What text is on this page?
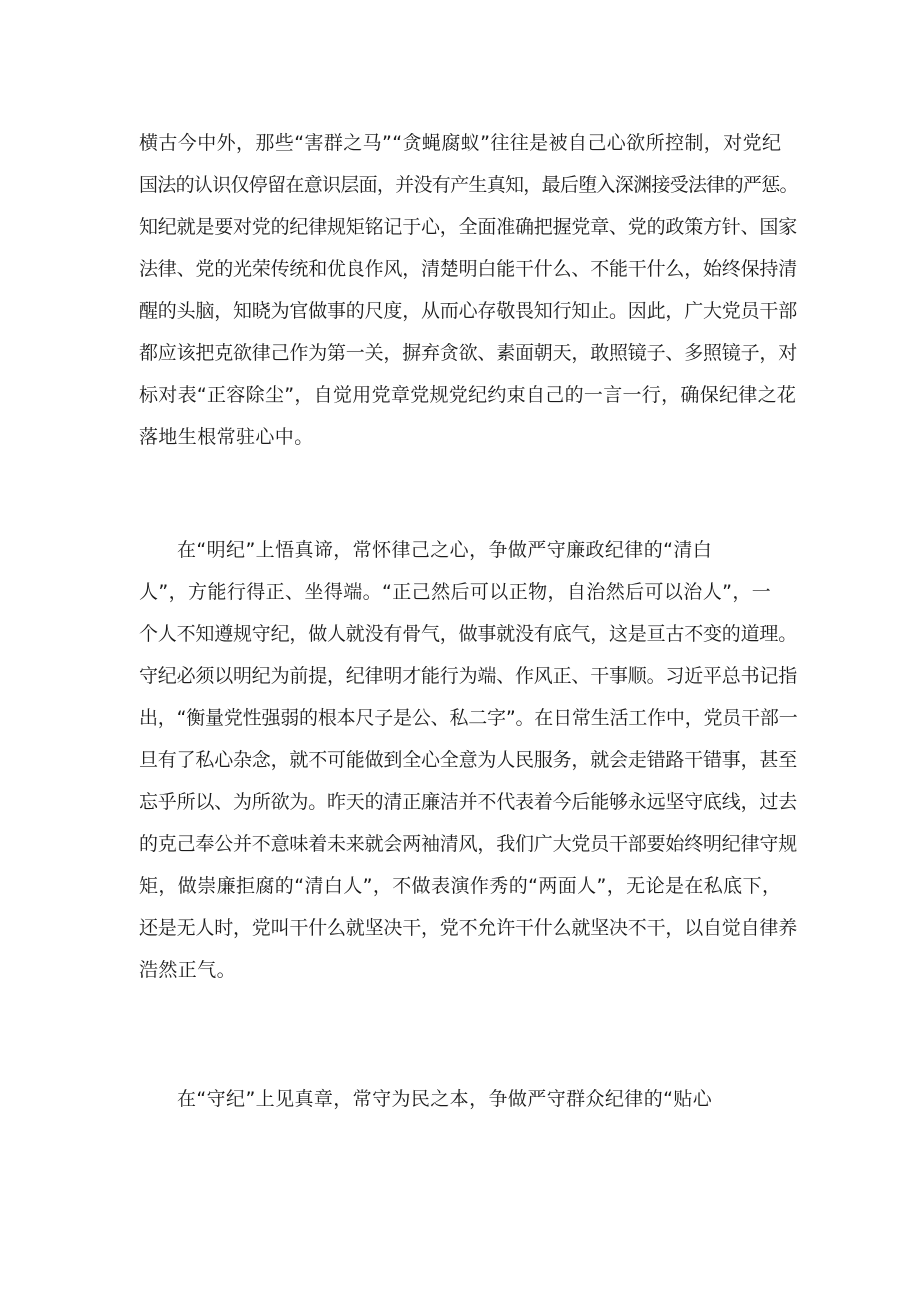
横古今中外，那些“害群之马”“贪蝇腐蚁”往往是被自己心欲所控制，对党纪
国法的认识仅停留在意识层面，并没有产生真知，最后堕入深渊接受法律的严惩。
知纪就是要对党的纪律规矩铭记于心，全面准确把握党章、党的政策方针、国家
法律、党的光荣传统和优良作风，清楚明白能干什么、不能干什么，始终保持清
醒的头脑，知晓为官做事的尺度，从而心存敬畏知行知止。因此，广大党员干部
都应该把克欲律己作为第一关，摒弃贪欲、素面朝天，敢照镜子、多照镜子，对
标对表“正容除尘”，自觉用党章党规党纪约束自己的一言一行，确保纪律之花
落地生根常驻心中。
在“明纪”上悟真谛，常怀律己之心，争做严守廉政纪律的“清白
人”，方能行得正、坐得端。“正己然后可以正物，自治然后可以治人”，一
个人不知遵规守纪，做人就没有骨气，做事就没有底气，这是亘古不变的道理。
守纪必须以明纪为前提，纪律明才能行为端、作风正、干事顺。习近平总书记指
出，“衡量党性强弱的根本尺子是公、私二字”。在日常生活工作中，党员干部一
旦有了私心杂念，就不可能做到全心全意为人民服务，就会走错路干错事，甚至
忘乎所以、为所欲为。昨天的清正廉洁并不代表着今后能够永远坚守底线，过去
的克己奉公并不意味着未来就会两袖清风，我们广大党员干部要始终明纪律守规
矩，做崇廉拒腐的“清白人”，不做表演作秀的“两面人”，无论是在私底下，
还是无人时，党叫干什么就坚决干，党不允许干什么就坚决不干，以自觉自律养
浩然正气。
在“守纪”上见真章，常守为民之本，争做严守群众纪律的“贴心
